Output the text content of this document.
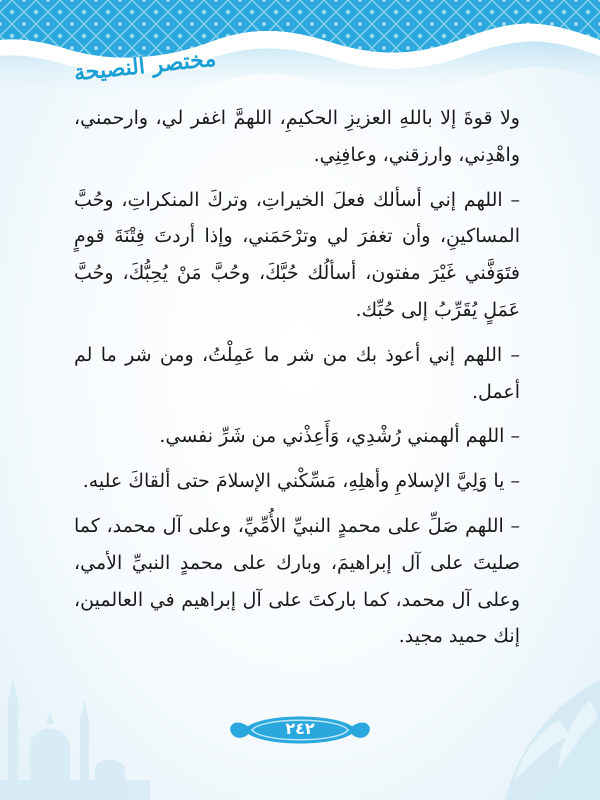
مختصر النصيحة

ولا قوةَ إلا باللهِ العزيزِ الحكيمِ، اللهمَّ اغفر لي، وارحمني، واهْدِني، وارزقني، وعافِنِي.

– اللهم إني أسألك فعلَ الخيراتِ، وتركَ المنكراتِ، وحُبَّ المساكينِ، وأن تغفرَ لي وترْحَمَني، وإذا أردتَ فِتْنَةَ قومٍ فتَوَفَّني غَيْرَ مفتون، أسألُك حُبَّكَ، وحُبَّ مَنْ يُحِبُّكَ، وحُبَّ عَمَلٍ يُقَرِّبُ إلى حُبِّك.

– اللهم إني أعوذ بك من شر ما عَمِلْتُ، ومن شر ما لم أعمل.

– اللهم ألهمني رُشْدِي، وَأَعِذْني من شَرِّ نفسي.

– يا وَلِيَّ الإسلامِ وأهلِهِ، مَسِّكْني الإسلامَ حتى ألقاكَ عليه.

– اللهم صَلِّ على محمدٍ النبيِّ الأُمِّيِّ، وعلى آل محمد، كما صليتَ على آل إبراهيمَ، وبارك على محمدٍ النبيِّ الأمي، وعلى آل محمد، كما باركتَ على آل إبراهيم في العالمين، إنك حميد مجيد.

٢٤٢
